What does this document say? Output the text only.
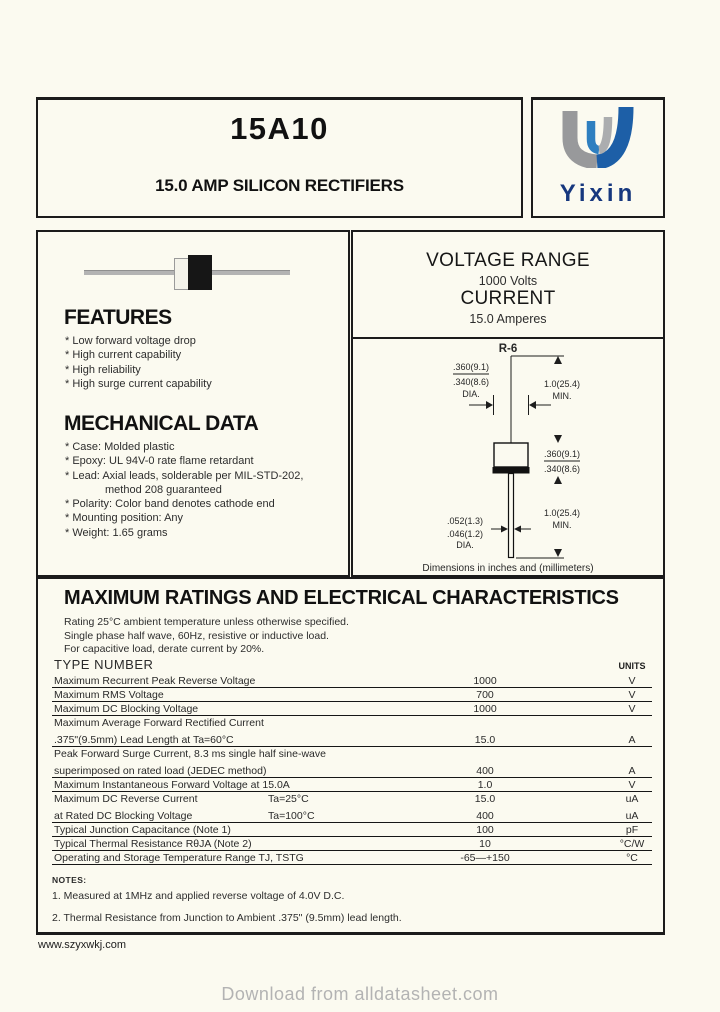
15A10
15.0 AMP SILICON RECTIFIERS	Yixin
FEATURES
* Low forward voltage drop
* High current capability
* High reliability
* High surge current capability
MECHANICAL DATA
* Case: Molded plastic
* Epoxy: UL 94V-0 rate flame retardant
* Lead: Axial leads, solderable per MIL-STD-202,
method 208 guaranteed
* Polarity: Color band denotes cathode end
* Mounting position: Any
* Weight: 1.65 grams
VOLTAGE RANGE
1000 Volts
CURRENT
15.0 Amperes
R-6
1.0(25.4)
MIN.
.360(9.1)
.340(8.6)
DIA.
.360(9.1)
.340(8.6)
.052(1.3)
.046(1.2)
DIA.
1.0(25.4)
MIN.
Dimensions in inches and (millimeters)
MAXIMUM RATINGS AND ELECTRICAL CHARACTERISTICS
Rating 25°C ambient temperature unless otherwise specified.
Single phase half wave, 60Hz, resistive or inductive load.
For capacitive load, derate current by 20%.
TYPE NUMBER	UNITS
Maximum Recurrent Peak Reverse Voltage	1000	V
Maximum RMS Voltage	700	V
Maximum DC Blocking Voltage	1000	V
Maximum Average Forward Rectified Current
.375"(9.5mm) Lead Length at Ta=60°C	15.0	A
Peak Forward Surge Current, 8.3 ms single half sine-wave
superimposed on rated load (JEDEC method)	400	A
Maximum Instantaneous Forward Voltage at 15.0A	1.0	V
Maximum DC Reverse Current	Ta=25°C	15.0	uA
at Rated DC Blocking Voltage	Ta=100°C	400	uA
Typical Junction Capacitance (Note 1)	100	pF
Typical Thermal Resistance RθJA (Note 2)	10	°C/W
Operating and Storage Temperature Range TJ, TSTG	-65—+150	°C
NOTES:
1. Measured at 1MHz and applied reverse voltage of 4.0V D.C.
2. Thermal Resistance from Junction to Ambient .375" (9.5mm) lead length.
www.szyxwkj.com
Download from alldatasheet.com
